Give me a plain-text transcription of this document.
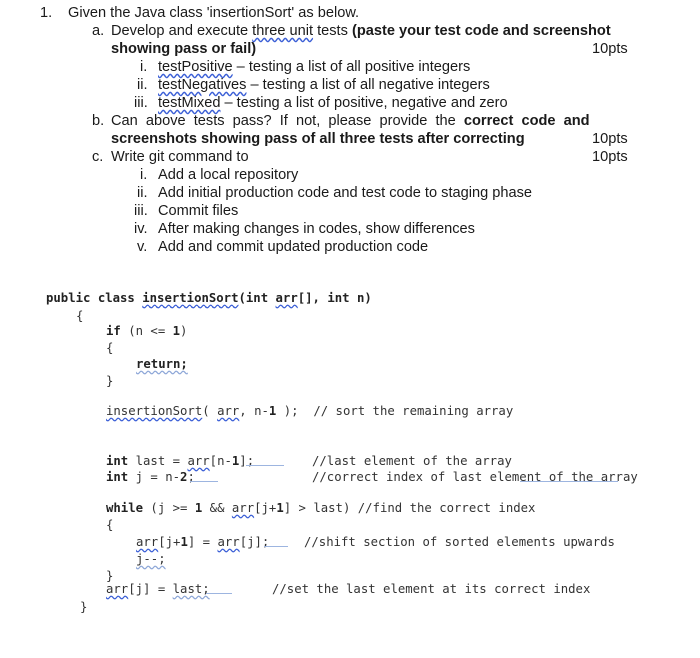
1. Given the Java class 'insertionSort' as below.
a. Develop and execute three unit tests (paste your test code and screenshot
showing pass or fail)	10pts
i. testPositive – testing a list of all positive integers
ii. testNegatives – testing a list of all negative integers
iii. testMixed – testing a list of positive, negative and zero
b. Can  above  tests  pass?  If  not,  please  provide  the  correct  code  and
screenshots showing pass of all three tests after correcting	10pts
c. Write git command to	10pts
i. Add a local repository
ii. Add initial production code and test code to staging phase
iii. Commit files
iv. After making changes in codes, show differences
v. Add and commit updated production code
public class insertionSort(int arr[], int n)
{
if (n <= 1)
{
return;
}
insertionSort( arr, n-1 );  // sort the remaining array
int last = arr[n-1];	//last element of the array
int j = n-2;	//correct index of last element of the array
while (j >= 1 && arr[j+1] > last) //find the correct index
{
arr[j+1] = arr[j];	//shift section of sorted elements upwards
j--;
}
arr[j] = last;	//set the last element at its correct index
}
